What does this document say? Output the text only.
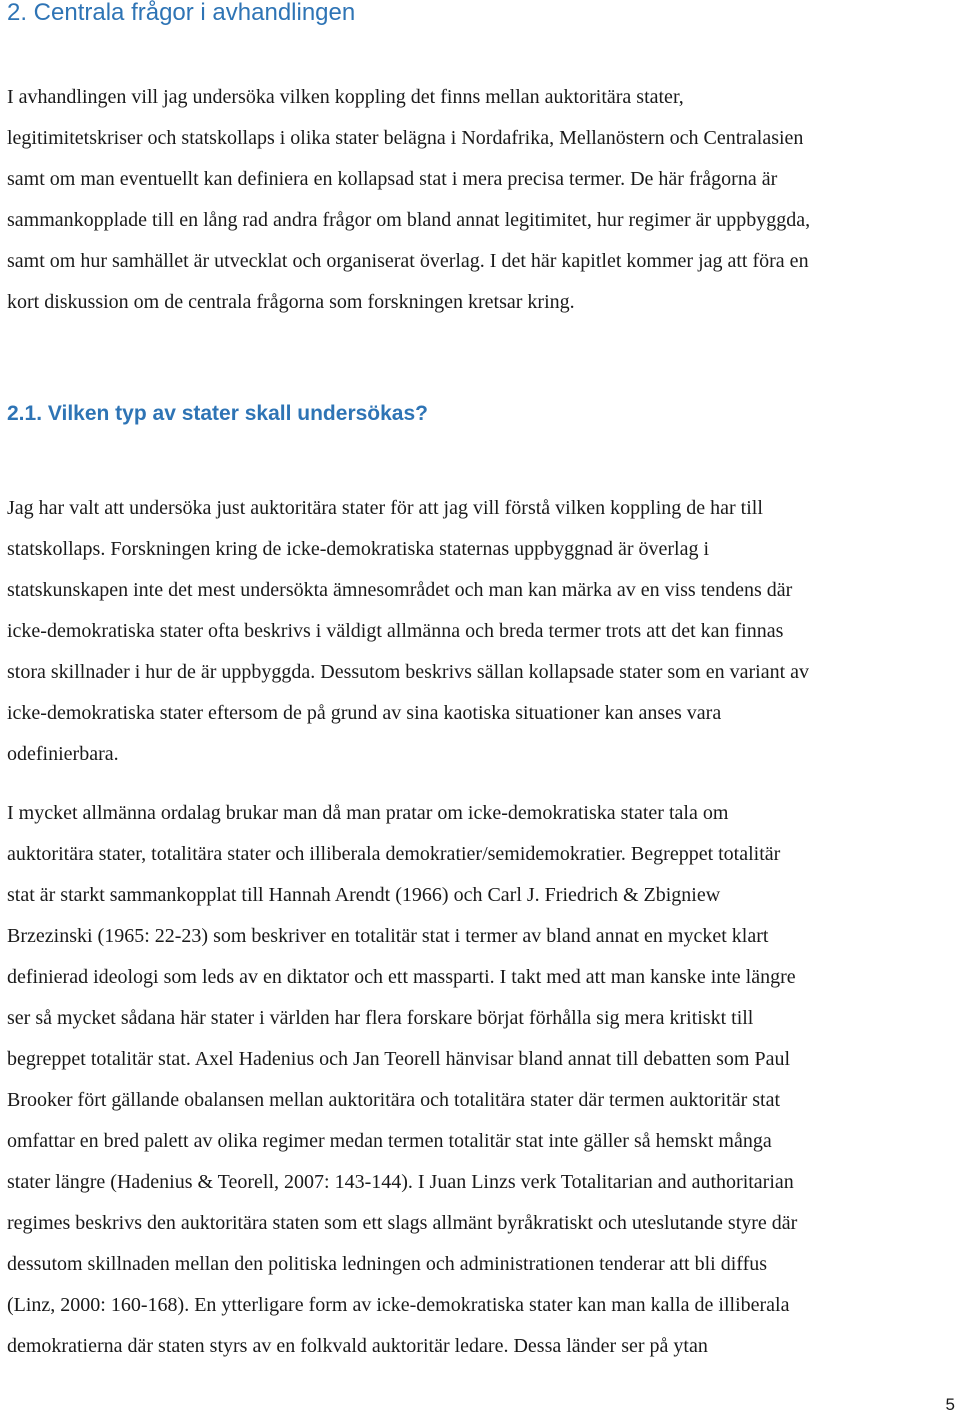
2. Centrala frågor i avhandlingen

I avhandlingen vill jag undersöka vilken koppling det finns mellan auktoritära stater,
legitimitetskriser och statskollaps i olika stater belägna i Nordafrika, Mellanöstern och Centralasien
samt om man eventuellt kan definiera en kollapsad stat i mera precisa termer. De här frågorna är
sammankopplade till en lång rad andra frågor om bland annat legitimitet, hur regimer är uppbyggda,
samt om hur samhället är utvecklat och organiserat överlag. I det här kapitlet kommer jag att föra en
kort diskussion om de centrala frågorna som forskningen kretsar kring.

2.1. Vilken typ av stater skall undersökas?

Jag har valt att undersöka just auktoritära stater för att jag vill förstå vilken koppling de har till
statskollaps. Forskningen kring de icke-demokratiska staternas uppbyggnad är överlag i
statskunskapen inte det mest undersökta ämnesområdet och man kan märka av en viss tendens där
icke-demokratiska stater ofta beskrivs i väldigt allmänna och breda termer trots att det kan finnas
stora skillnader i hur de är uppbyggda. Dessutom beskrivs sällan kollapsade stater som en variant av
icke-demokratiska stater eftersom de på grund av sina kaotiska situationer kan anses vara
odefinierbara.

I mycket allmänna ordalag brukar man då man pratar om icke-demokratiska stater tala om
auktoritära stater, totalitära stater och illiberala demokratier/semidemokratier. Begreppet totalitär
stat är starkt sammankopplat till Hannah Arendt (1966) och Carl J. Friedrich & Zbigniew
Brzezinski (1965: 22-23) som beskriver en totalitär stat i termer av bland annat en mycket klart
definierad ideologi som leds av en diktator och ett massparti. I takt med att man kanske inte längre
ser så mycket sådana här stater i världen har flera forskare börjat förhålla sig mera kritiskt till
begreppet totalitär stat. Axel Hadenius och Jan Teorell hänvisar bland annat till debatten som Paul
Brooker fört gällande obalansen mellan auktoritära och totalitära stater där termen auktoritär stat
omfattar en bred palett av olika regimer medan termen totalitär stat inte gäller så hemskt många
stater längre (Hadenius & Teorell, 2007: 143-144). I Juan Linzs verk Totalitarian and authoritarian
regimes beskrivs den auktoritära staten som ett slags allmänt byråkratiskt och uteslutande styre där
dessutom skillnaden mellan den politiska ledningen och administrationen tenderar att bli diffus
(Linz, 2000: 160-168). En ytterligare form av icke-demokratiska stater kan man kalla de illiberala
demokratierna där staten styrs av en folkvald auktoritär ledare. Dessa länder ser på ytan

5
